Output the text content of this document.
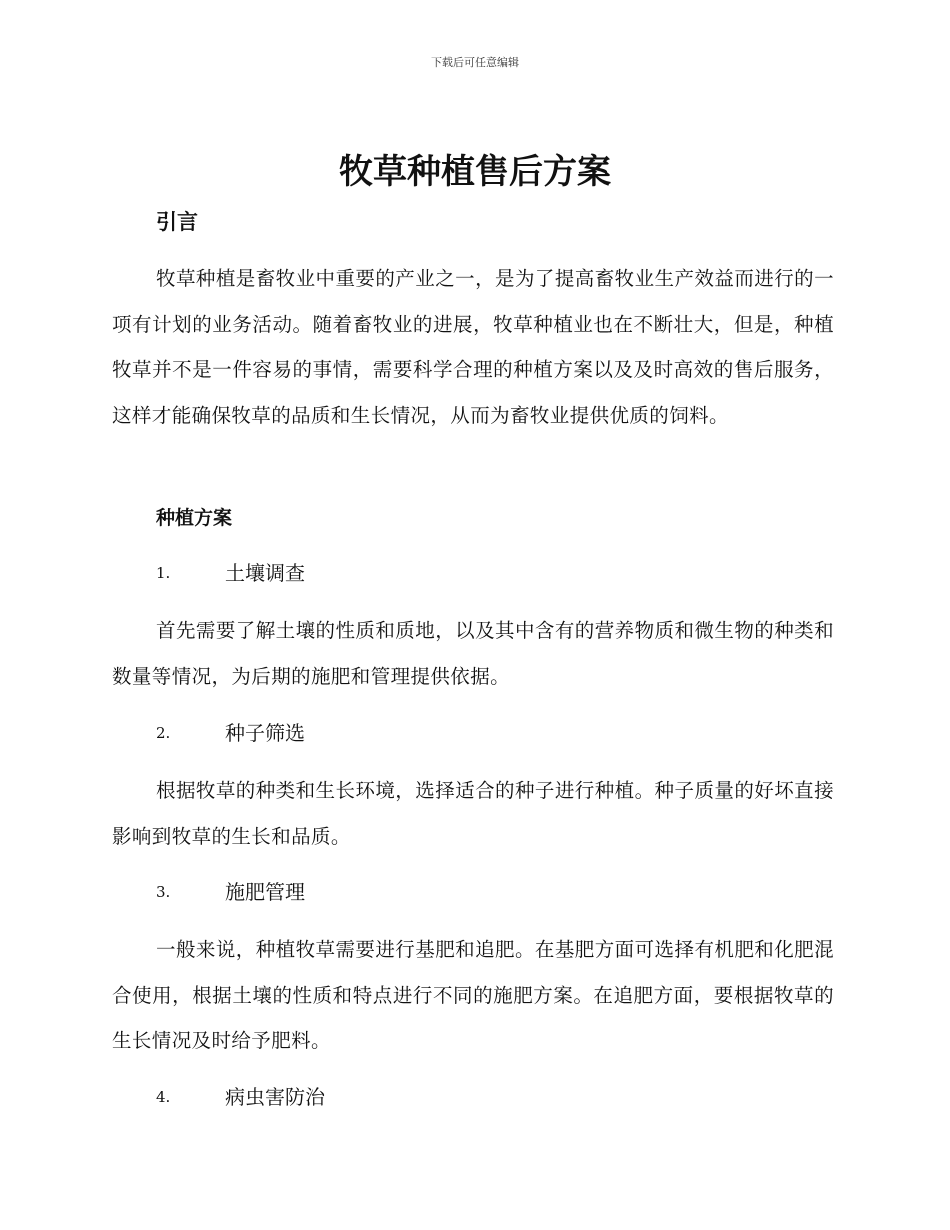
下载后可任意编辑
牧草种植售后方案
引言

牧草种植是畜牧业中重要的产业之一，是为了提高畜牧业生产效益而进行的一项有计划的业务活动。随着畜牧业的进展，牧草种植业也在不断壮大，但是，种植牧草并不是一件容易的事情，需要科学合理的种植方案以及及时高效的售后服务，这样才能确保牧草的品质和生长情况，从而为畜牧业提供优质的饲料。

种植方案
1.	土壤调查

首先需要了解土壤的性质和质地，以及其中含有的营养物质和微生物的种类和数量等情况，为后期的施肥和管理提供依据。

2.	种子筛选

根据牧草的种类和生长环境，选择适合的种子进行种植。种子质量的好坏直接影响到牧草的生长和品质。

3.	施肥管理

一般来说，种植牧草需要进行基肥和追肥。在基肥方面可选择有机肥和化肥混合使用，根据土壤的性质和特点进行不同的施肥方案。在追肥方面，要根据牧草的生长情况及时给予肥料。

4.	病虫害防治
